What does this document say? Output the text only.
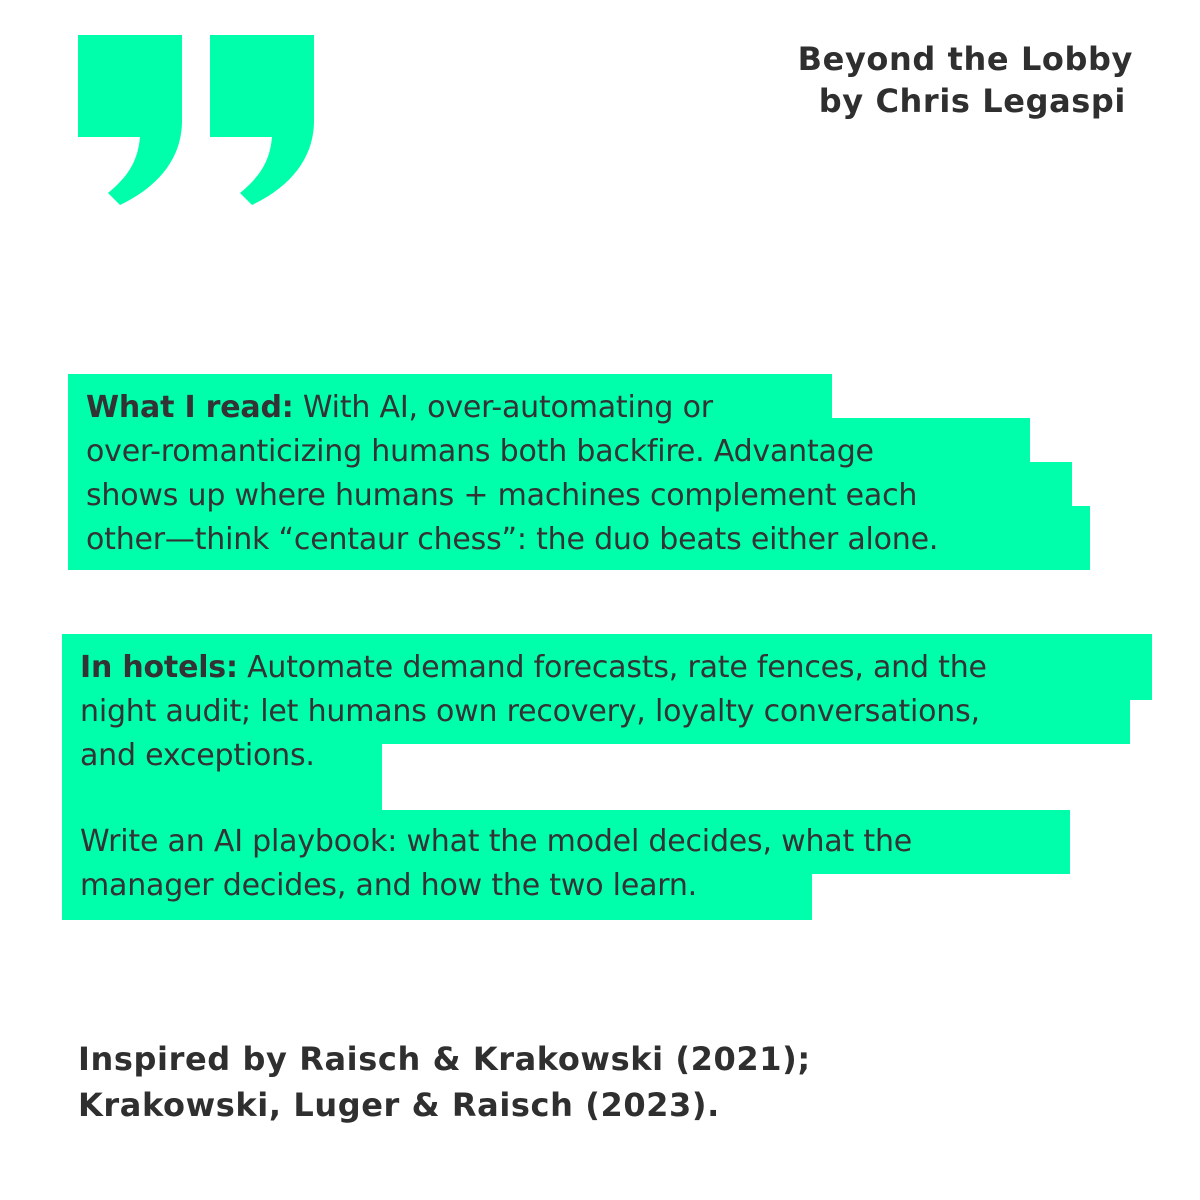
Beyond the Lobby
by Chris Legaspi
What I read: With AI, over-automating or
over-romanticizing humans both backfire. Advantage
shows up where humans + machines complement each
other—think “centaur chess”: the duo beats either alone.
In hotels: Automate demand forecasts, rate fences, and the
night audit; let humans own recovery, loyalty conversations,
and exceptions.
Write an AI playbook: what the model decides, what the
manager decides, and how the two learn.
Inspired by Raisch & Krakowski (2021);
Krakowski, Luger & Raisch (2023).
